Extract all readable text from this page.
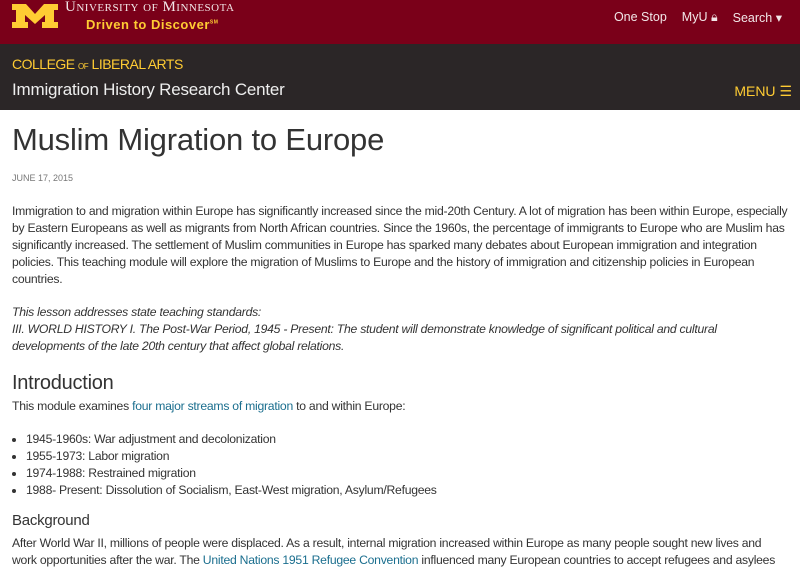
University of Minnesota
Driven to Discover℠	One Stop MyU 🔒︎ Search ▾
COLLEGE OF LIBERAL ARTS
Immigration History Research Center	MENU ☰
Muslim Migration to Europe
JUNE 17, 2015

Immigration to and migration within Europe has significantly increased since the mid-20th Century. A lot of migration has been within Europe, especially by Eastern Europeans as well as migrants from North African countries. Since the 1960s, the percentage of immigrants to Europe who are Muslim has significantly increased. The settlement of Muslim communities in Europe has sparked many debates about European immigration and integration policies. This teaching module will explore the migration of Muslims to Europe and the history of immigration and citizenship policies in European countries.

This lesson addresses state teaching standards:
III. WORLD HISTORY I. The Post-War Period, 1945 - Present: The student will demonstrate knowledge of significant political and cultural developments of the late 20th century that affect global relations.

Introduction

This module examines four major streams of migration to and within Europe:

• 1945-1960s: War adjustment and decolonization
• 1955-1973: Labor migration
• 1974-1988: Restrained migration
• 1988- Present: Dissolution of Socialism, East-West migration, Asylum/Refugees
Background

After World War II, millions of people were displaced. As a result, internal migration increased within Europe as many people sought new lives and work opportunities after the war. The United Nations 1951 Refugee Convention influenced many European countries to accept refugees and asylees
